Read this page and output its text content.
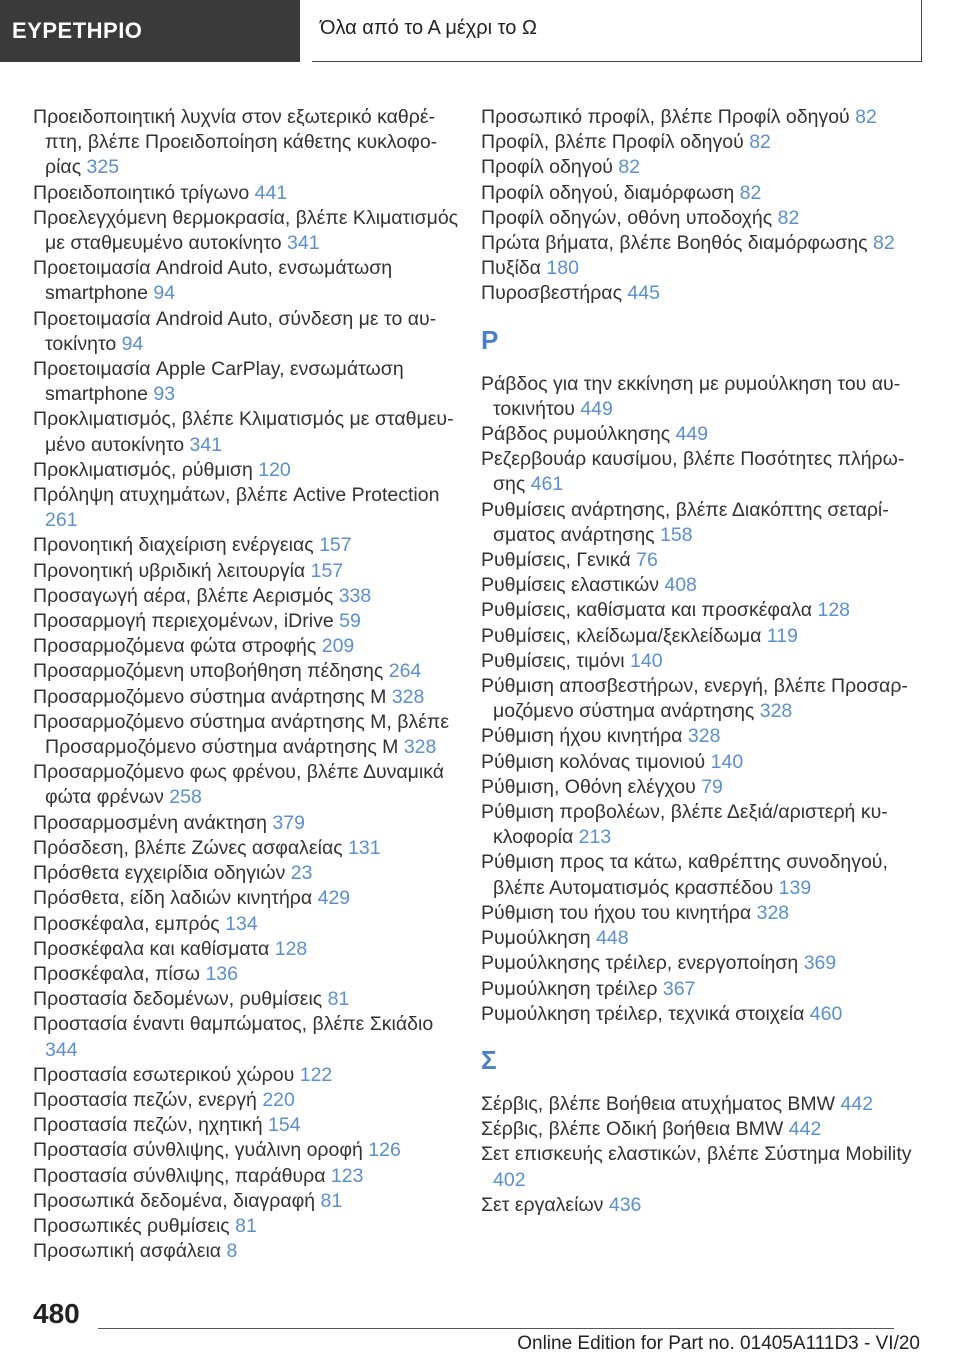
ΕΥΡΕΤΗΡΙΟ	Όλα από το Α μέχρι το Ω
Προειδοποιητική λυχνία στον εξωτερικό καθρέπτη, βλέπε Προειδοποίηση κάθετης κυκλοφορίας 325
Προειδοποιητικό τρίγωνο 441
Προελεγχόμενη θερμοκρασία, βλέπε Κλιματισμός με σταθμευμένο αυτοκίνητο 341
Προετοιμασία Android Auto, ενσωμάτωση smartphone 94
Προετοιμασία Android Auto, σύνδεση με το αυτοκίνητο 94
Προετοιμασία Apple CarPlay, ενσωμάτωση smartphone 93
Προκλιματισμός, βλέπε Κλιματισμός με σταθμευμένο αυτοκίνητο 341
Προκλιματισμός, ρύθμιση 120
Πρόληψη ατυχημάτων, βλέπε Active Protection 261
Προνοητική διαχείριση ενέργειας 157
Προνοητική υβριδική λειτουργία 157
Προσαγωγή αέρα, βλέπε Αερισμός 338
Προσαρμογή περιεχομένων, iDrive 59
Προσαρμοζόμενα φώτα στροφής 209
Προσαρμοζόμενη υποβοήθηση πέδησης 264
Προσαρμοζόμενο σύστημα ανάρτησης M 328
Προσαρμοζόμενο σύστημα ανάρτησης M, βλέπε Προσαρμοζόμενο σύστημα ανάρτησης M 328
Προσαρμοζόμενο φως φρένου, βλέπε Δυναμικά φώτα φρένων 258
Προσαρμοσμένη ανάκτηση 379
Πρόσδεση, βλέπε Ζώνες ασφαλείας 131
Πρόσθετα εγχειρίδια οδηγιών 23
Πρόσθετα, είδη λαδιών κινητήρα 429
Προσκέφαλα, εμπρός 134
Προσκέφαλα και καθίσματα 128
Προσκέφαλα, πίσω 136
Προστασία δεδομένων, ρυθμίσεις 81
Προστασία έναντι θαμπώματος, βλέπε Σκιάδιο 344
Προστασία εσωτερικού χώρου 122
Προστασία πεζών, ενεργή 220
Προστασία πεζών, ηχητική 154
Προστασία σύνθλιψης, γυάλινη οροφή 126
Προστασία σύνθλιψης, παράθυρα 123
Προσωπικά δεδομένα, διαγραφή 81
Προσωπικές ρυθμίσεις 81
Προσωπική ασφάλεια 8
Προσωπικό προφίλ, βλέπε Προφίλ οδηγού 82
Προφίλ, βλέπε Προφίλ οδηγού 82
Προφίλ οδηγού 82
Προφίλ οδηγού, διαμόρφωση 82
Προφίλ οδηγών, οθόνη υποδοχής 82
Πρώτα βήματα, βλέπε Βοηθός διαμόρφωσης 82
Πυξίδα 180
Πυροσβεστήρας 445
Ρ
Ράβδος για την εκκίνηση με ρυμούλκηση του αυτοκινήτου 449
Ράβδος ρυμούλκησης 449
Ρεζερβουάρ καυσίμου, βλέπε Ποσότητες πλήρωσης 461
Ρυθμίσεις ανάρτησης, βλέπε Διακόπτης σεταρίσματος ανάρτησης 158
Ρυθμίσεις, Γενικά 76
Ρυθμίσεις ελαστικών 408
Ρυθμίσεις, καθίσματα και προσκέφαλα 128
Ρυθμίσεις, κλείδωμα/ξεκλείδωμα 119
Ρυθμίσεις, τιμόνι 140
Ρύθμιση αποσβεστήρων, ενεργή, βλέπε Προσαρμοζόμενο σύστημα ανάρτησης 328
Ρύθμιση ήχου κινητήρα 328
Ρύθμιση κολόνας τιμονιού 140
Ρύθμιση, Οθόνη ελέγχου 79
Ρύθμιση προβολέων, βλέπε Δεξιά/αριστερή κυκλοφορία 213
Ρύθμιση προς τα κάτω, καθρέπτης συνοδηγού, βλέπε Αυτοματισμός κρασπέδου 139
Ρύθμιση του ήχου του κινητήρα 328
Ρυμούλκηση 448
Ρυμούλκησης τρέιλερ, ενεργοποίηση 369
Ρυμούλκηση τρέιλερ 367
Ρυμούλκηση τρέιλερ, τεχνικά στοιχεία 460
Σ
Σέρβις, βλέπε Βοήθεια ατυχήματος BMW 442
Σέρβις, βλέπε Οδική βοήθεια BMW 442
Σετ επισκευής ελαστικών, βλέπε Σύστημα Mobility 402
Σετ εργαλείων 436
480
Online Edition for Part no. 01405A111D3 - VI/20
